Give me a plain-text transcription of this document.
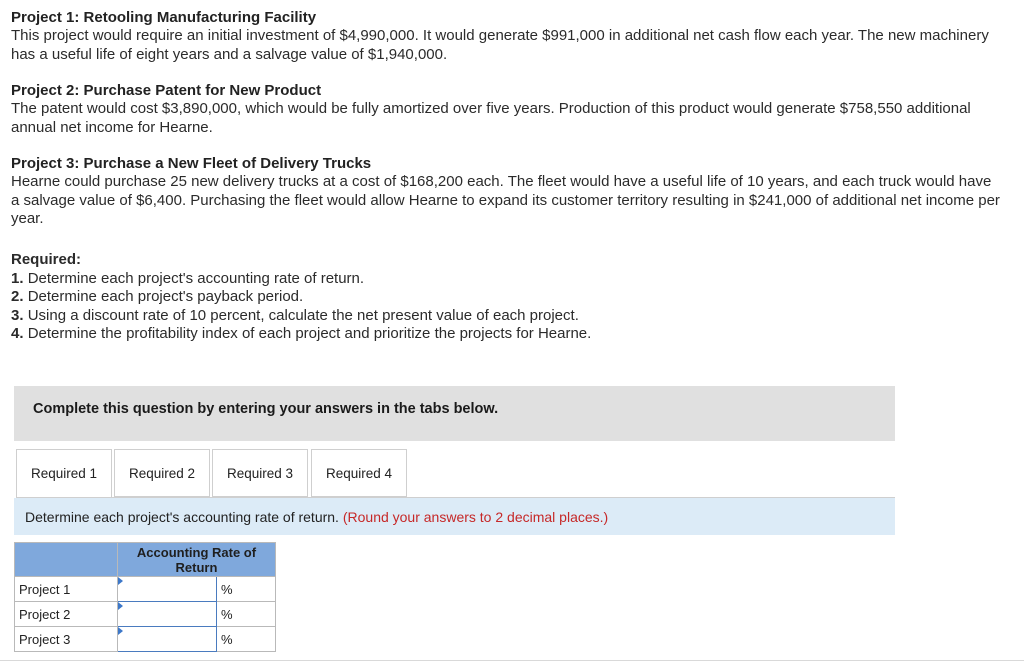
Project 1: Retooling Manufacturing Facility
This project would require an initial investment of $4,990,000. It would generate $991,000 in additional net cash flow each year. The new machinery has a useful life of eight years and a salvage value of $1,940,000.
Project 2: Purchase Patent for New Product
The patent would cost $3,890,000, which would be fully amortized over five years. Production of this product would generate $758,550 additional annual net income for Hearne.
Project 3: Purchase a New Fleet of Delivery Trucks
Hearne could purchase 25 new delivery trucks at a cost of $168,200 each. The fleet would have a useful life of 10 years, and each truck would have a salvage value of $6,400. Purchasing the fleet would allow Hearne to expand its customer territory resulting in $241,000 of additional net income per year.
Required:
1. Determine each project's accounting rate of return.
2. Determine each project's payback period.
3. Using a discount rate of 10 percent, calculate the net present value of each project.
4. Determine the profitability index of each project and prioritize the projects for Hearne.
Complete this question by entering your answers in the tabs below.
Required 1	Required 2	Required 3	Required 4
Determine each project's accounting rate of return. (Round your answers to 2 decimal places.)
	Accounting Rate of Return	
Project 1		%
Project 2		%
Project 3		%
